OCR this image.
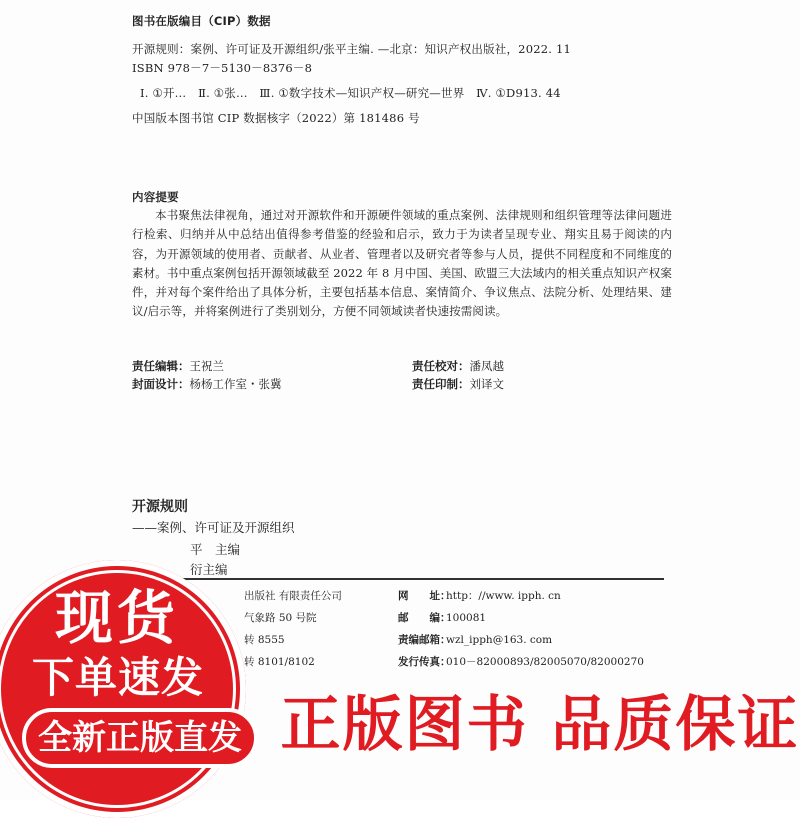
图书在版编目（CIP）数据
开源规则：案例、许可证及开源组织/张平主编. —北京：知识产权出版社，2022. 11
ISBN 978－7－5130－8376－8
Ⅰ. ①开…　Ⅱ. ①张…　Ⅲ. ①数字技术—知识产权—研究—世界　Ⅳ. ①D913. 44
中国版本图书馆 CIP 数据核字（2022）第 181486 号
内容提要
本书聚焦法律视角，通过对开源软件和开源硬件领域的重点案例、法律规则和组织管理等法律问题进行检索、归纳并从中总结出值得参考借鉴的经验和启示，致力于为读者呈现专业、翔实且易于阅读的内容，为开源领域的使用者、贡献者、从业者、管理者以及研究者等参与人员，提供不同程度和不同维度的素材。书中重点案例包括开源领域截至 2022 年 8 月中国、美国、欧盟三大法域内的相关重点知识产权案件，并对每个案件给出了具体分析，主要包括基本信息、案情简介、争议焦点、法院分析、处理结果、建议/启示等，并将案例进行了类别划分，方便不同领域读者快速按需阅读。
责任编辑：王祝兰	责任校对：潘凤越
封面设计：杨杨工作室・张冀	责任印制：刘译文
开源规则
——案例、许可证及开源组织
平　主编
衍主编
出版社 有限责任公司
气象路 50 号院
转 8555
转 8101/8102
网　　址：http：//www. ipph. cn
邮　　编：100081
责编邮箱：wzl_ipph@163. com
发行传真：010－82000893/82005070/82000270
现货
下单速发
全新正版直发 正版图书 品质保证
